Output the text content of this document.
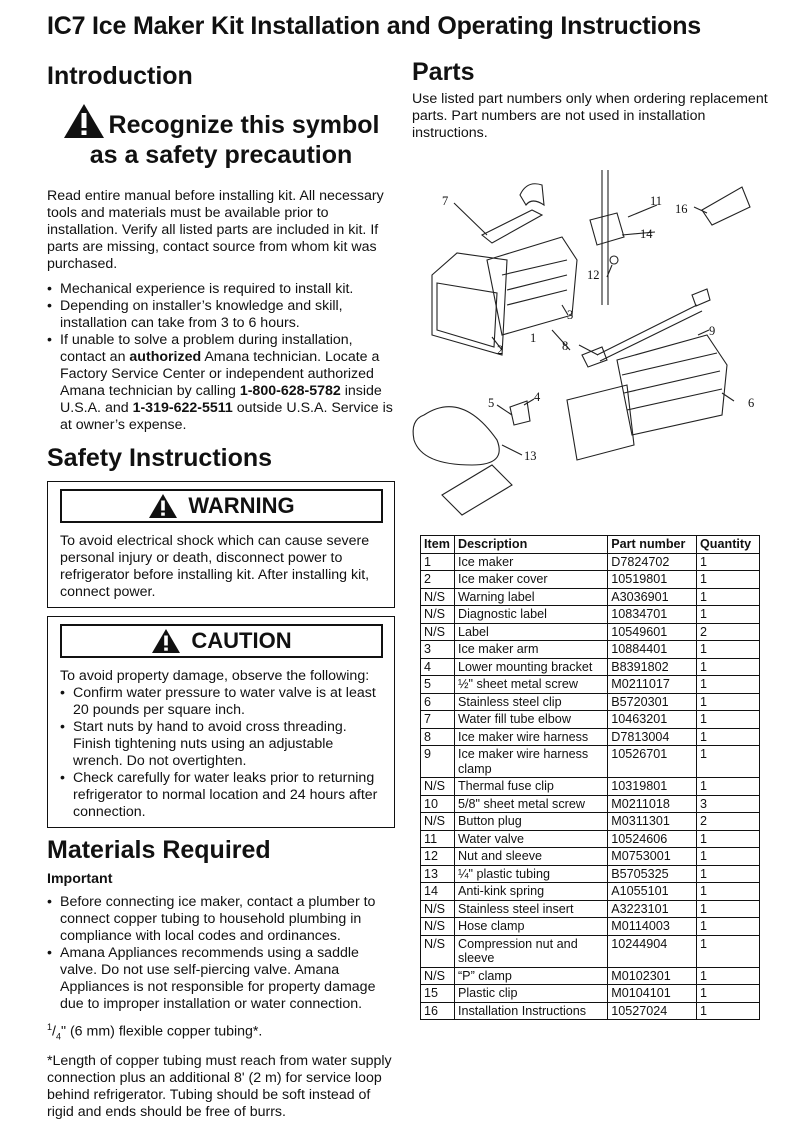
IC7 Ice Maker Kit Installation and Operating Instructions
Introduction
Recognize this symbol
as a safety precaution

Read entire manual before installing kit. All necessary tools and materials must be available prior to installation. Verify all listed parts are included in kit. If parts are missing, contact source from whom kit was purchased.

• Mechanical experience is required to install kit.
• Depending on installer’s knowledge and skill, installation can take from 3 to 6 hours.
• If unable to solve a problem during installation, contact an authorized Amana technician. Locate a Factory Service Center or independent authorized Amana technician by calling 1-800-628-5782 inside U.S.A. and 1-319-622-5511 outside U.S.A. Service is at owner’s expense.
Safety Instructions
WARNING

To avoid electrical shock which can cause severe personal injury or death, disconnect power to refrigerator before installing kit. After installing kit, connect power.

CAUTION

To avoid property damage, observe the following:

• Confirm water pressure to water valve is at least 20 pounds per square inch.
• Start nuts by hand to avoid cross threading. Finish tightening nuts using an adjustable wrench. Do not overtighten.
• Check carefully for water leaks prior to returning refrigerator to normal location and 24 hours after connection.
Materials Required

Important

• Before connecting ice maker, contact a plumber to connect copper tubing to household plumbing in compliance with local codes and ordinances.
• Amana Appliances recommends using a saddle valve. Do not use self-piercing valve. Amana Appliances is not responsible for property damage due to improper installation or water connection.

$^1/_4$" (6 mm) flexible copper tubing*.

*Length of copper tubing must reach from water supply connection plus an additional 8' (2 m) for service loop behind refrigerator. Tubing should be soft instead of rigid and ends should be free of burrs.

Parts

Use listed part numbers only when ordering replacement parts. Part numbers are not used in installation instructions.

7	11
16
14
12
3
1
2
9
8
4
5	6
13
Item	Description	Part number	Quantity
1	Ice maker	D7824702	1
2	Ice maker cover	10519801	1
N/S	Warning label	A3036901	1
N/S	Diagnostic label	10834701	1
N/S	Label	10549601	2
3	Ice maker arm	10884401	1
4	Lower mounting bracket	B8391802	1
5	½" sheet metal screw	M0211017	1
6	Stainless steel clip	B5720301	1
7	Water fill tube elbow	10463201	1
8	Ice maker wire harness	D7813004	1
9	Ice maker wire harness clamp	10526701	1
N/S	Thermal fuse clip	10319801	1
10	5/8" sheet metal screw	M0211018	3
N/S	Button plug	M0311301	2
11	Water valve	10524606	1
12	Nut and sleeve	M0753001	1
13	¼" plastic tubing	B5705325	1
14	Anti-kink spring	A1055101	1
N/S	Stainless steel insert	A3223101	1
N/S	Hose clamp	M0114003	1
N/S	Compression nut and sleeve	10244904	1
N/S	“P” clamp	M0102301	1
15	Plastic clip	M0104101	1
16	Installation Instructions	10527024	1
